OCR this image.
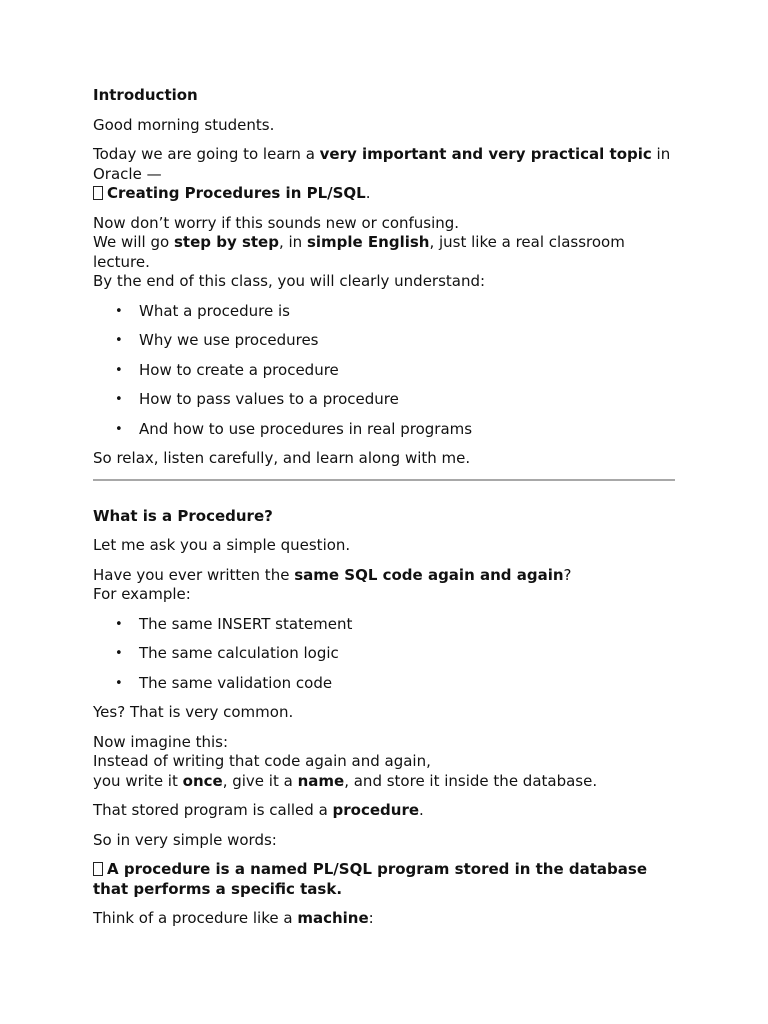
Introduction

Good morning students.

Today we are going to learn a very important and very practical topic in Oracle —
Creating Procedures in PL/SQL.

Now don’t worry if this sounds new or confusing.
We will go step by step, in simple English, just like a real classroom lecture.
By the end of this class, you will clearly understand:

• What a procedure is
• Why we use procedures
• How to create a procedure
• How to pass values to a procedure
• And how to use procedures in real programs

So relax, listen carefully, and learn along with me.

What is a Procedure?

Let me ask you a simple question.

Have you ever written the same SQL code again and again?
For example:

• The same INSERT statement
• The same calculation logic
• The same validation code

Yes? That is very common.

Now imagine this:
Instead of writing that code again and again,
you write it once, give it a name, and store it inside the database.

That stored program is called a procedure.

So in very simple words:

A procedure is a named PL/SQL program stored in the database that performs a specific task.

Think of a procedure like a machine:
